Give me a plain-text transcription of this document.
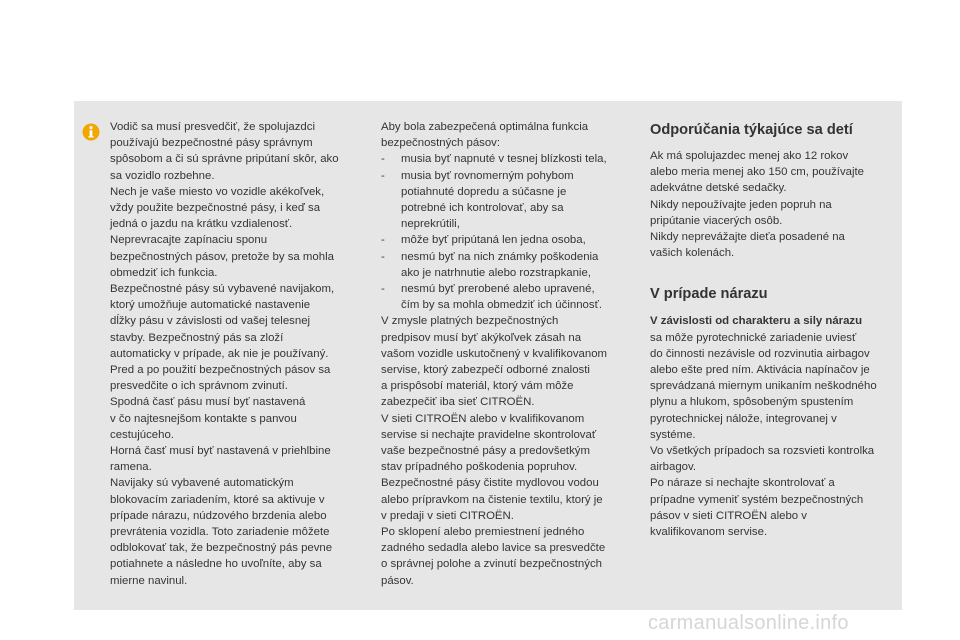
Vodič sa musí presvedčiť, že spolujazdci

používajú bezpečnostné pásy správnym

spôsobom a či sú správne pripútaní skôr, ako

sa vozidlo rozbehne.

Nech je vaše miesto vo vozidle akékoľvek,

vždy použite bezpečnostné pásy, i keď sa

jedná o jazdu na krátku vzdialenosť.

Neprevracajte zapínaciu sponu

bezpečnostných pásov, pretože by sa mohla

obmedziť ich funkcia.

Bezpečnostné pásy sú vybavené navijakom,

ktorý umožňuje automatické nastavenie

dĺžky pásu v závislosti od vašej telesnej

stavby. Bezpečnostný pás sa zloží

automaticky v prípade, ak nie je používaný.

Pred a po použití bezpečnostných pásov sa

presvedčite o ich správnom zvinutí.

Spodná časť pásu musí byť nastavená

v čo najtesnejšom kontakte s panvou

cestujúceho.

Horná časť musí byť nastavená v priehlbine

ramena.

Navijaky sú vybavené automatickým

blokovacím zariadením, ktoré sa aktivuje v

prípade nárazu, núdzového brzdenia alebo

prevrátenia vozidla. Toto zariadenie môžete

odblokovať tak, že bezpečnostný pás pevne

potiahnete a následne ho uvoľníte, aby sa

mierne navinul.

Aby bola zabezpečená optimálna funkcia

bezpečnostných pásov:

-	musia byť napnuté v tesnej blízkosti tela,

-	musia byť rovnomerným pohybom

potiahnuté dopredu a súčasne je

potrebné ich kontrolovať, aby sa

neprekrútili,

-	môže byť pripútaná len jedna osoba,

-	nesmú byť na nich známky poškodenia

ako je natrhnutie alebo rozstrapkanie,

-	nesmú byť prerobené alebo upravené,

čím by sa mohla obmedziť ich účinnosť.

V zmysle platných bezpečnostných

predpisov musí byť akýkoľvek zásah na

vašom vozidle uskutočnený v kvalifikovanom

servise, ktorý zabezpečí odborné znalosti

a prispôsobí materiál, ktorý vám môže

zabezpečiť iba sieť CITROËN.

V sieti CITROËN alebo v kvalifikovanom

servise si nechajte pravidelne skontrolovať

vaše bezpečnostné pásy a predovšetkým

stav prípadného poškodenia popruhov.

Bezpečnostné pásy čistite mydlovou vodou

alebo prípravkom na čistenie textilu, ktorý je

v predaji v sieti CITROËN.

Po sklopení alebo premiestnení jedného

zadného sedadla alebo lavice sa presvedčte

o správnej polohe a zvinutí bezpečnostných

pásov.

Odporúčania týkajúce sa detí

Ak má spolujazdec menej ako 12 rokov

alebo meria menej ako 150 cm, používajte

adekvátne detské sedačky.

Nikdy nepoužívajte jeden popruh na

pripútanie viacerých osôb.

Nikdy neprevážajte dieťa posadené na

vašich kolenách.

V prípade nárazu

V závislosti od charakteru a sily nárazu

sa môže pyrotechnické zariadenie uviesť

do činnosti nezávisle od rozvinutia airbagov

alebo ešte pred ním. Aktivácia napínačov je

sprevádzaná miernym unikaním neškodného

plynu a hlukom, spôsobeným spustením

pyrotechnickej nálože, integrovanej v

systéme.

Vo všetkých prípadoch sa rozsvieti kontrolka

airbagov.

Po náraze si nechajte skontrolovať a

prípadne vymeniť systém bezpečnostných

pásov v sieti CITROËN alebo v

kvalifikovanom servise.

carmanualsonline.info
